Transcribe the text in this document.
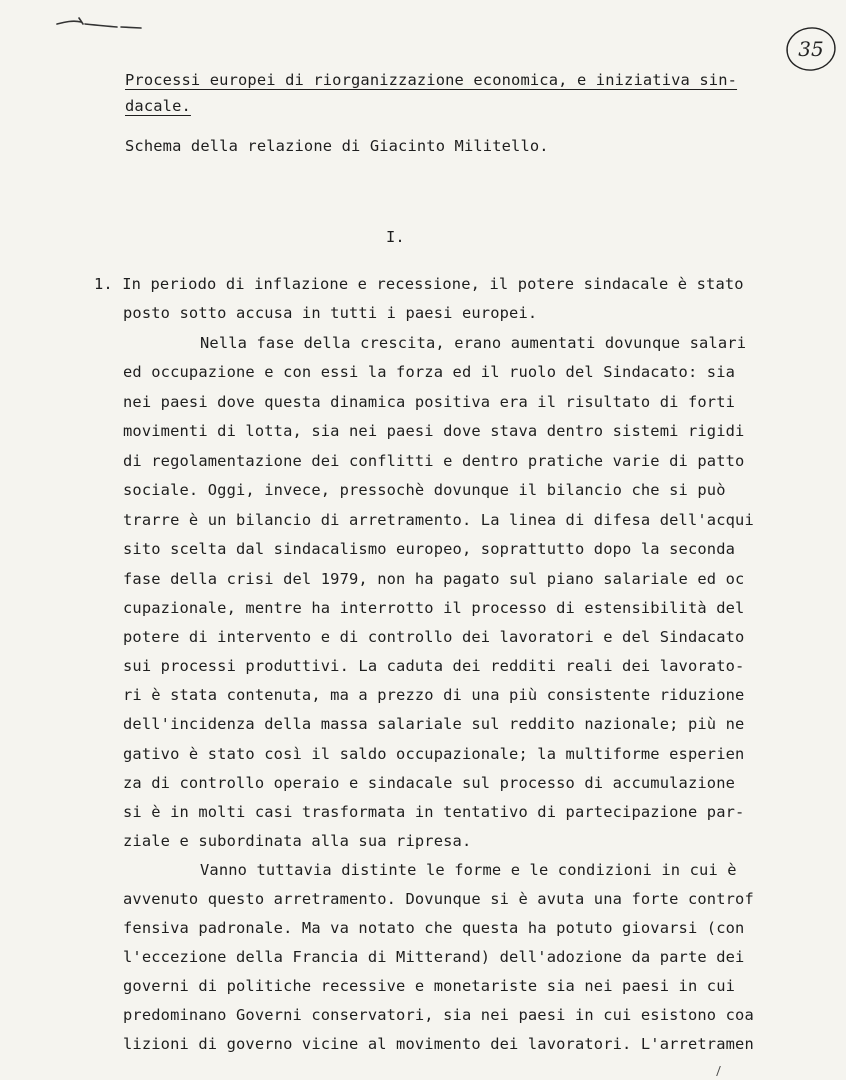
35
Processi europei di riorganizzazione economica, e iniziativa sin-
dacale.
Schema della relazione di Giacinto Militello.
I.
1. In periodo di inflazione e recessione, il potere sindacale è stato
posto sotto accusa in tutti i paesi europei.
Nella fase della crescita, erano aumentati dovunque salari
ed occupazione e con essi la forza ed il ruolo del Sindacato: sia
nei paesi dove questa dinamica positiva era il risultato di forti
movimenti di lotta, sia nei paesi dove stava dentro sistemi rigidi
di regolamentazione dei conflitti e dentro pratiche varie di patto
sociale. Oggi, invece, pressochè dovunque il bilancio che si può
trarre è un bilancio di arretramento. La linea di difesa dell'acqui
sito scelta dal sindacalismo europeo, soprattutto dopo la seconda
fase della crisi del 1979, non ha pagato sul piano salariale ed oc
cupazionale, mentre ha interrotto il processo di estensibilità del
potere di intervento e di controllo dei lavoratori e del Sindacato
sui processi produttivi. La caduta dei redditi reali dei lavorato-
ri è stata contenuta, ma a prezzo di una più consistente riduzione
dell'incidenza della massa salariale sul reddito nazionale; più ne
gativo è stato così il saldo occupazionale; la multiforme esperien
za di controllo operaio e sindacale sul processo di accumulazione
si è in molti casi trasformata in tentativo di partecipazione par-
ziale e subordinata alla sua ripresa.
Vanno tuttavia distinte le forme e le condizioni in cui è
avvenuto questo arretramento. Dovunque si è avuta una forte controf
fensiva padronale. Ma va notato che questa ha potuto giovarsi (con
l'eccezione della Francia di Mitterand) dell'adozione da parte dei
governi di politiche recessive e monetariste sia nei paesi in cui
predominano Governi conservatori, sia nei paesi in cui esistono coa
lizioni di governo vicine al movimento dei lavoratori. L'arretramen
